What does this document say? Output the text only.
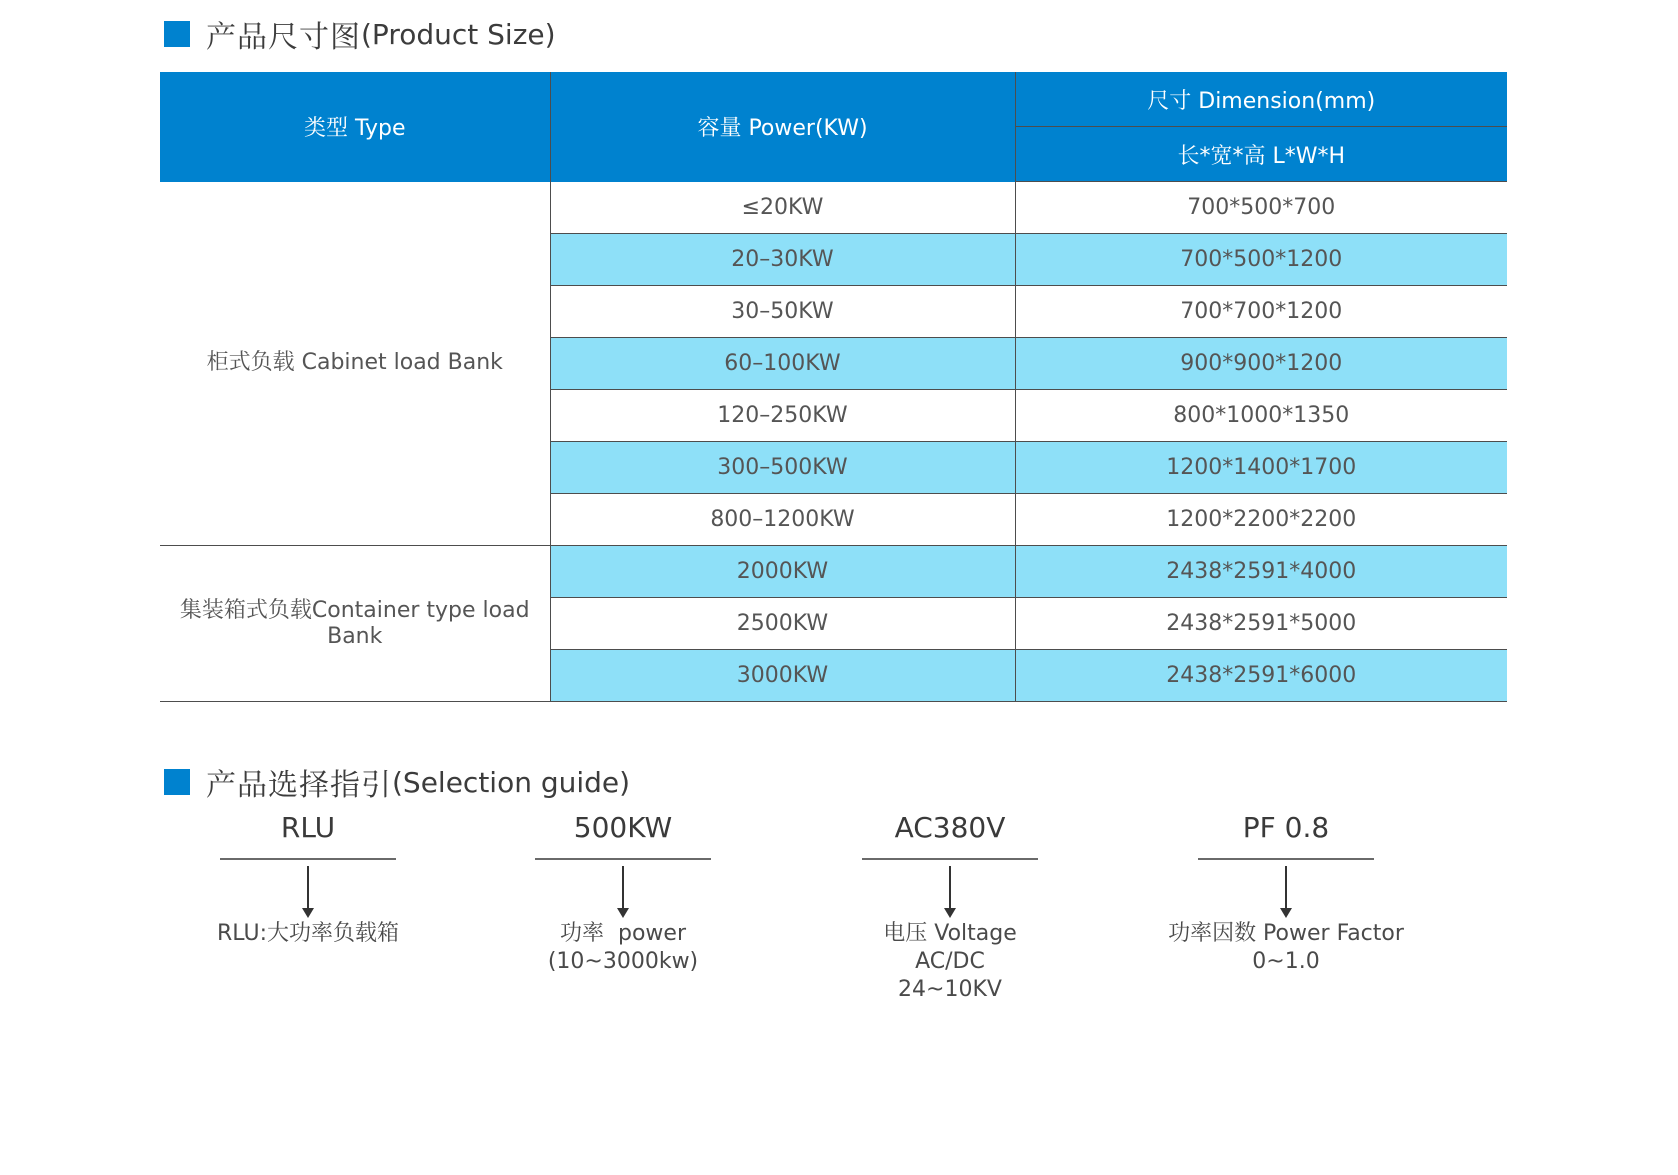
产品尺寸图 (Product Size)
类型 Type	容量 Power(KW)	尺寸 Dimension(mm)
		长*宽*高 L*W*H
柜式负载 Cabinet load Bank	≤20KW	700*500*700
	20–30KW	700*500*1200
	30–50KW	700*700*1200
	60–100KW	900*900*1200
	120–250KW	800*1000*1350
	300–500KW	1200*1400*1700
	800–1200KW	1200*2200*2200
集装箱式负载Container type load Bank	2000KW	2438*2591*4000
	2500KW	2438*2591*5000
	3000KW	2438*2591*6000
产品选择指引 (Selection guide)
RLU
RLU:大功率负载箱
500KW
功率  power
(10~3000kw)
AC380V
电压 Voltage
AC/DC
24~10KV
PF 0.8
功率因数 Power Factor
0~1.0
